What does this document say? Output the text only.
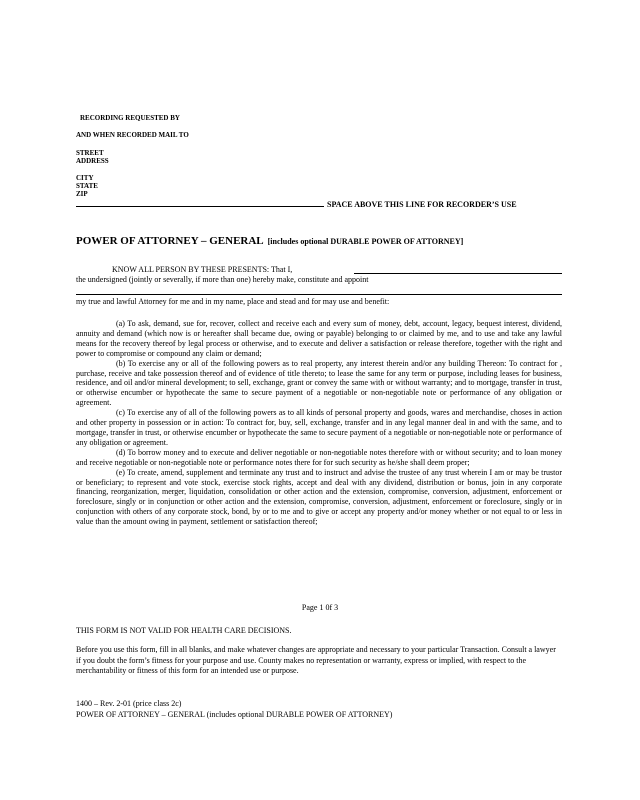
RECORDING REQUESTED BY
AND WHEN RECORDED MAIL TO
STREET
ADDRESS
CITY
STATE
ZIP
SPACE ABOVE THIS LINE FOR RECORDER’S USE
POWER OF ATTORNEY – GENERAL [includes optional DURABLE POWER OF ATTORNEY]
KNOW ALL PERSON BY THESE PRESENTS: That I,
the undersigned (jointly or severally, if more than one) hereby make, constitute and appoint
my true and lawful Attorney for me and in my name, place and stead and for may use and benefit:
(a) To ask, demand, sue for, recover, collect and receive each and every sum of money, debt, account, legacy, bequest interest, dividend, annuity and demand (which now is or hereafter shall became due, owing or payable) belonging to or claimed by me, and to use and take any lawful means for the recovery thereof by legal process or otherwise, and to execute and deliver a satisfaction or release therefore, together with the right and power to compromise or compound any claim or demand;
(b) To exercise any or all of the following powers as to real property, any interest therein and/or any building Thereon: To contract for , purchase, receive and take possession thereof and of evidence of title thereto; to lease the same for any term or purpose, including leases for business, residence, and oil and/or mineral development; to sell, exchange, grant or convey the same with or without warranty; and to mortgage, transfer in trust, or otherwise encumber or hypothecate the same to secure payment of a negotiable or non-negotiable note or performance of any obligation or agreement.
(c) To exercise any of all of the following powers as to all kinds of personal property and goods, wares and merchandise, choses in action and other property in possession or in action: To contract for, buy, sell, exchange, transfer and in any legal manner deal in and with the same, and to mortgage, transfer in trust, or otherwise encumber or hypothecate the same to secure payment of a negotiable or non-negotiable note or performance of any obligation or agreement.
(d) To borrow money and to execute and deliver negotiable or non-negotiable notes therefore with or without security; and to loan money and receive negotiable or non-negotiable note or performance notes there for for such security as he/she shall deem proper;
(e) To create, amend, supplement and terminate any trust and to instruct and advise the trustee of any trust wherein I am or may be trustor or beneficiary; to represent and vote stock, exercise stock rights, accept and deal with any dividend, distribution or bonus, join in any corporate financing, reorganization, merger, liquidation, consolidation or other action and the extension, compromise, conversion, adjustment, enforcement or foreclosure, singly or in conjunction or other action and the extension, compromise, conversion, adjustment, enforcement or foreclosure, singly or in conjunction with others of any corporate stock, bond, by or to me and to give or accept any property and/or money whether or not equal to or less in value than the amount owing in payment, settlement or satisfaction thereof;
Page 1 0f 3
THIS FORM IS NOT VALID FOR HEALTH CARE DECISIONS.
Before you use this form, fill in all blanks, and make whatever changes are appropriate and necessary to your particular Transaction. Consult a lawyer if you doubt the form’s fitness for your purpose and use. County makes no representation or warranty, express or implied, with respect to the merchantability or fitness of this form for an intended use or purpose.
1400 – Rev. 2-01 (price class 2c)
POWER OF ATTORNEY – GENERAL (includes optional DURABLE POWER OF ATTORNEY)
